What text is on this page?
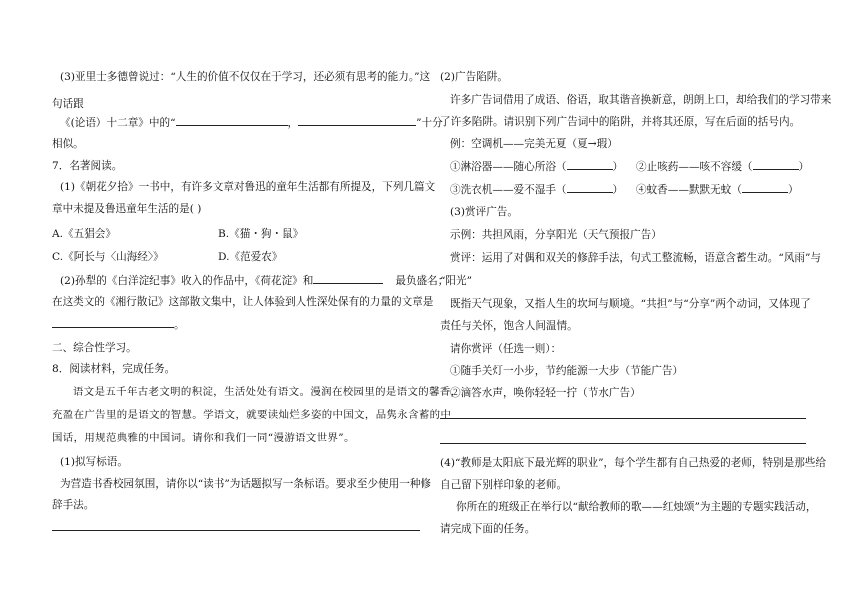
(3)亚里士多德曾说过：“人生的价值不仅仅在于学习，还必须有思考的能力。”这
句话跟
《(论语）十二章》中的“	，	”十分
相似。
7．名著阅读。
(1)《朝花夕拾》一书中，有许多文章对鲁迅的童年生活都有所提及，下列几篇文
章中未提及鲁迅童年生活的是( )
A.《五猖会》	B.《猫・狗・鼠》
C.《阿长与〈山海经〉》	D.《范爱农》
(2)孙犁的《白洋淀纪事》收入的作品中，《荷花淀》和	最负盛名；
在这类文的《湘行散记》这部散文集中，让人体验到人性深处保有的力量的文章是
。
二、综合性学习。
8．阅读材料，完成任务。
语文是五千年古老文明的积淀，生活处处有语文。漫润在校园里的是语文的馨香，
充盈在广告里的是语文的智慧。学语文，就要读灿烂多姿的中国文，品隽永含蓄的中
国话，用规范典雅的中国词。请你和我们一同“漫游语文世界”。
(1)拟写标语。
为营造书香校园氛围，请你以“读书”为话题拟写一条标语。要求至少使用一种修
辞手法。
(2)广告陷阱。
许多广告词借用了成语、俗语，取其谐音换新意，朗朗上口，却给我们的学习带来
了许多陷阱。请识别下列广告词中的陷阱，并将其还原，写在后面的括号内。
例：空调机——完美无夏（夏→瑕）
①淋浴器——随心所浴（	） ②止咳药——咳不容缓（	）
③洗衣机——爱不湿手（	） ④蚊香——默默无蚊（	）
(3)赏评广告。
示例：共担风雨，分享阳光（天气预报广告）
赏评：运用了对偶和双关的修辞手法，句式工整流畅，语意含蓄生动。“风雨”与
“阳光”
既指天气现象，又指人生的坎坷与顺境。“共担”与“分享”两个动词，又体现了
责任与关怀，饱含人间温情。
请你赏评（任选一则）：
①随手关灯一小步，节约能源一大步（节能广告）
②滴答水声，唤你轻轻一拧（节水广告）
(4)“教师是太阳底下最光辉的职业”，每个学生都有自己热爱的老师，特别是那些给
自己留下别样印象的老师。
你所在的班级正在举行以“献给教师的歌——红烛颂”为主题的专题实践活动，
请完成下面的任务。
